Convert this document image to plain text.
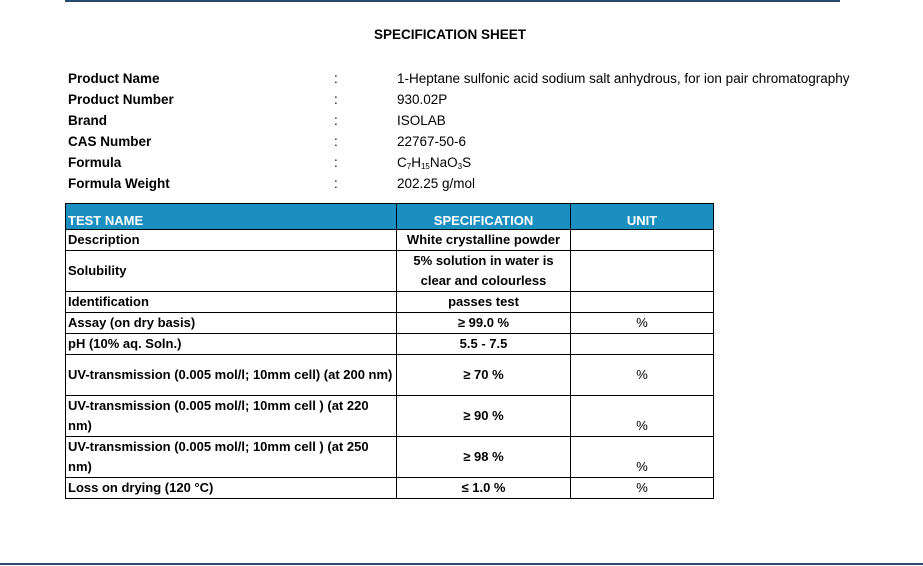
SPECIFICATION SHEET
Product Name	:	1-Heptane sulfonic acid sodium salt anhydrous, for ion pair chromatography
Product Number	:	930.02P
Brand	:	ISOLAB
CAS Number	:	22767-50-6
Formula	:	$C_7H_{15}NaO_3S$
Formula Weight	:	202.25 g/mol
TEST NAME	SPECIFICATION	UNIT
Description	White crystalline powder	
Solubility	5% solution in water is clear and colourless	
Identification	passes test	
Assay (on dry basis)	≥ 99.0 %	%
pH (10% aq. Soln.)	5.5 - 7.5	
UV-transmission (0.005 mol/l; 10mm cell) (at 200 nm)	≥ 70 %	%
UV-transmission (0.005 mol/l; 10mm cell ) (at 220 nm)	≥ 90 %	%
UV-transmission (0.005 mol/l; 10mm cell ) (at 250 nm)	≥ 98 %	%
Loss on drying (120 °C)	≤ 1.0 %	%
